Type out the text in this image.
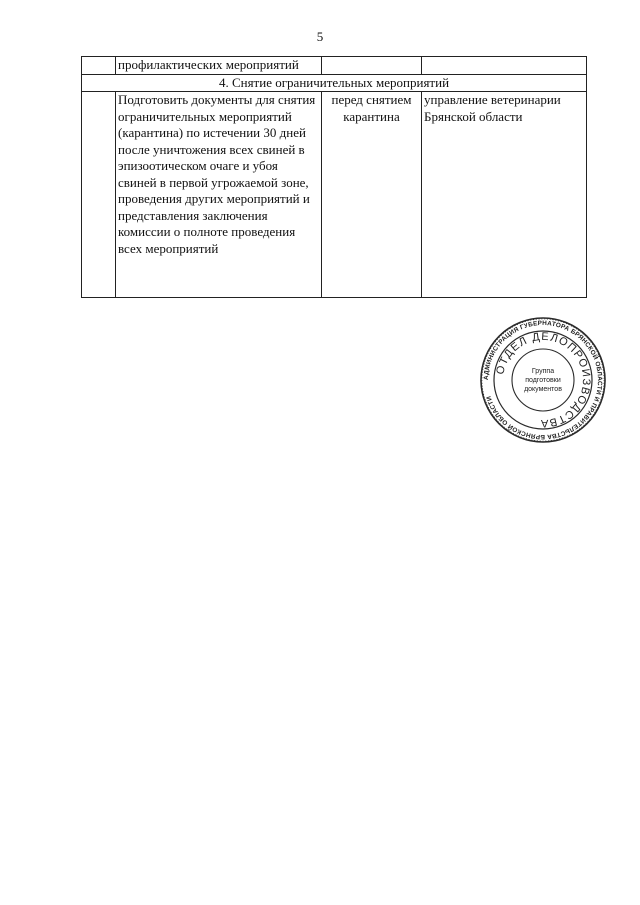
5
	профилактических мероприятий		
4. Снятие ограничительных мероприятий			
	Подготовить документы для снятия ограничительных мероприятий (карантина) по истечении 30 дней после уничтожения всех свиней в эпизоотическом очаге и убоя свиней в первой угрожаемой зоне, проведения других мероприятий и представления заключения комиссии о полноте проведения всех мероприятий	перед снятием карантина	управление ветеринарии Брянской области
АДМИНИСТРАЦИЯ ГУБЕРНАТОРА БРЯНСКОЙ ОБЛАСТИ И ПРАВИТЕЛЬСТВА БРЯНСКОЙ ОБЛАСТИ
ОТДЕЛ ДЕЛОПРОИЗВОДСТВА
Группа
подготовки
документов
